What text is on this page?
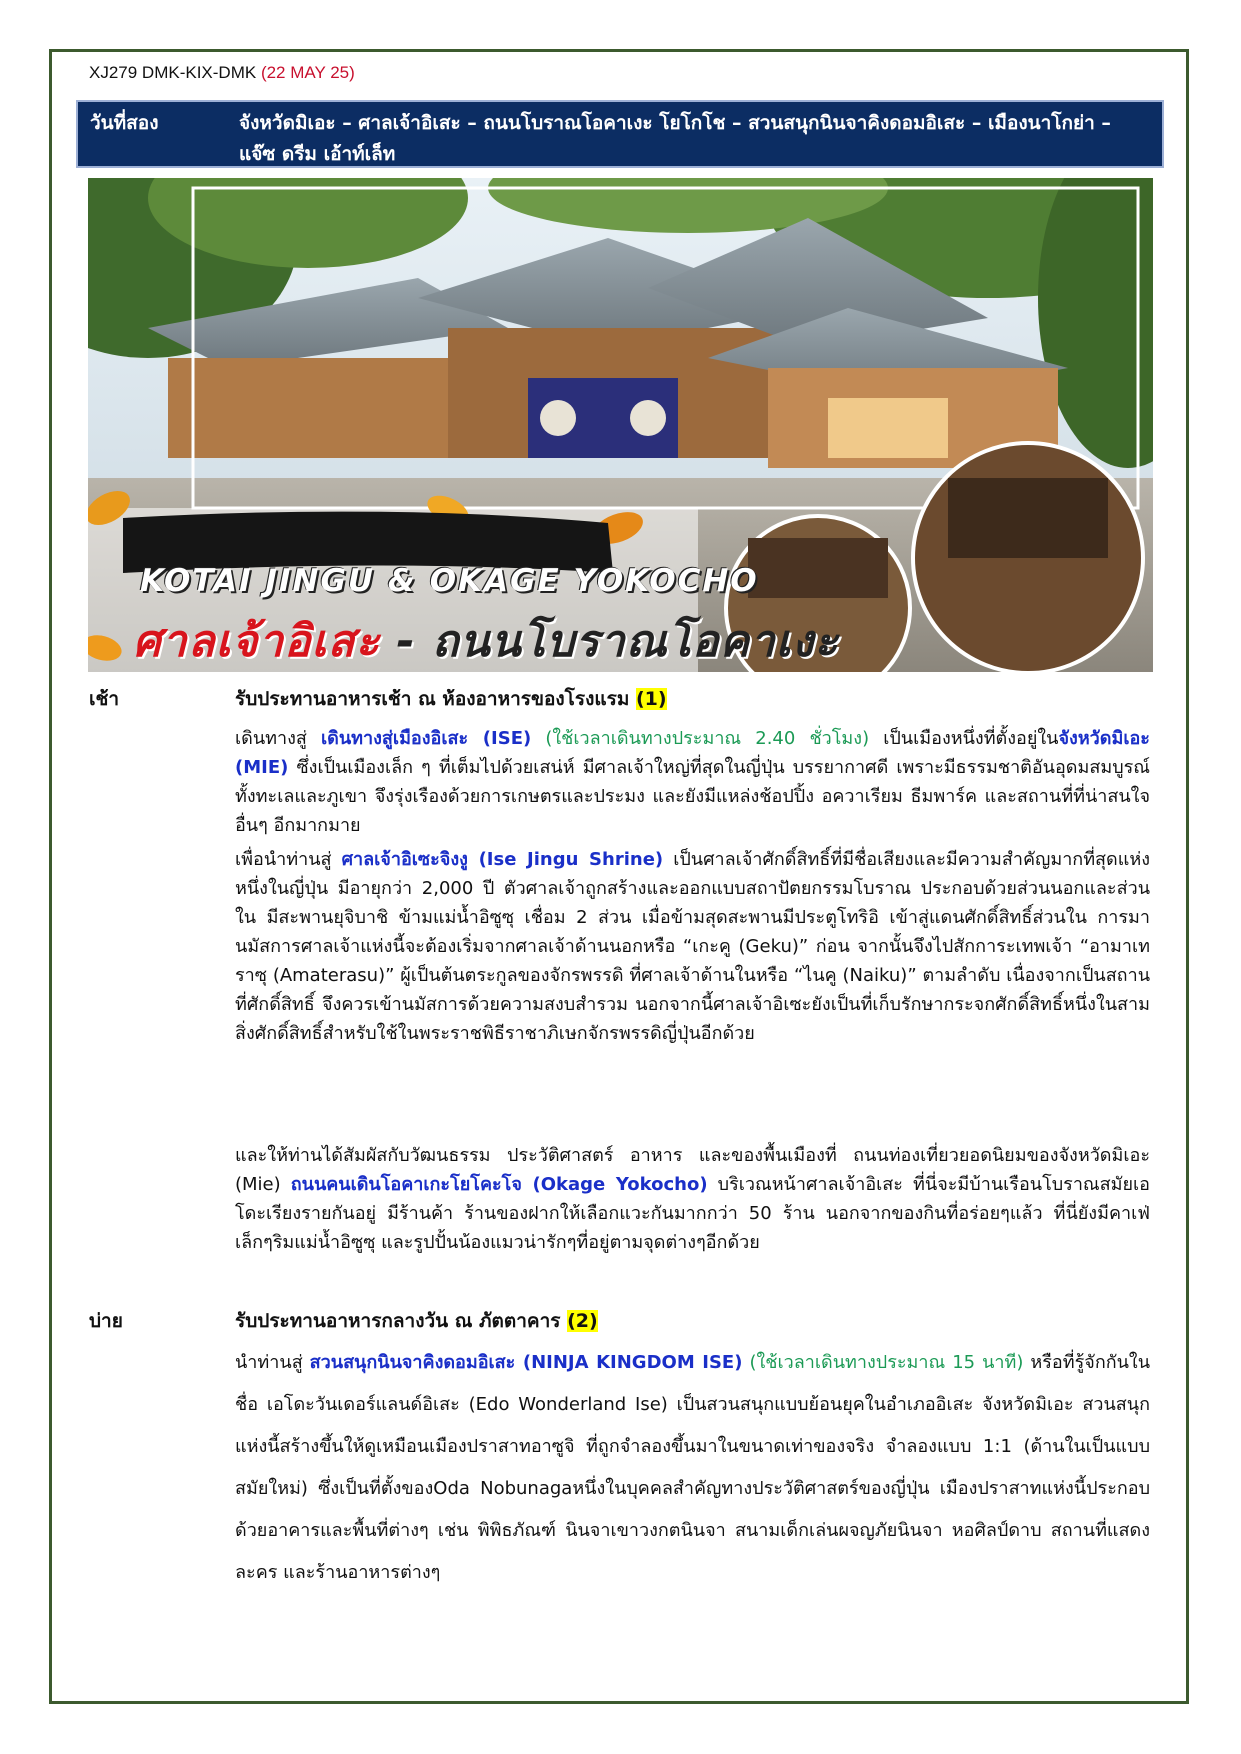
XJ279 DMK-KIX-DMK (22 MAY 25)
วันที่สอง	จังหวัดมิเอะ – ศาลเจ้าอิเสะ – ถนนโบราณโอคาเงะ โยโกโช – สวนสนุกนินจาคิงดอมอิเสะ – เมืองนาโกย่า – แจ๊ซ ดรีม เอ้าท์เล็ท
KOTAI JINGU & OKAGE YOKOCHO
ศาลเจ้าอิเสะ - ถนนโบราณโอคาเงะ
เช้า	รับประทานอาหารเช้า ณ ห้องอาหารของโรงแรม (1)
เดินทางสู่ เดินทางสู่เมืองอิเสะ (ISE) (ใช้เวลาเดินทางประมาณ 2.40 ชั่วโมง) เป็นเมืองหนึ่งที่ตั้งอยู่ในจังหวัดมิเอะ (MIE) ซึ่งเป็นเมืองเล็ก ๆ ที่เต็มไปด้วยเสน่ห์ มีศาลเจ้าใหญ่ที่สุดในญี่ปุ่น บรรยากาศดี เพราะมีธรรมชาติอันอุดมสมบูรณ์ทั้งทะเลและภูเขา จึงรุ่งเรืองด้วยการเกษตรและประมง และยังมีแหล่งช้อปปิ้ง อควาเรียม ธีมพาร์ค และสถานที่ที่น่าสนใจอื่นๆ อีกมากมาย
เพื่อนำท่านสู่ ศาลเจ้าอิเซะจิงงู (Ise Jingu Shrine) เป็นศาลเจ้าศักดิ์สิทธิ์ที่มีชื่อเสียงและมีความสำคัญมากที่สุดแห่งหนึ่งในญี่ปุ่น มีอายุกว่า 2,000 ปี ตัวศาลเจ้าถูกสร้างและออกแบบสถาปัตยกรรมโบราณ ประกอบด้วยส่วนนอกและส่วนใน มีสะพานยุจิบาชิ ข้ามแม่น้ำอิซูซุ เชื่อม 2 ส่วน เมื่อข้ามสุดสะพานมีประตูโทริอิ เข้าสู่แดนศักดิ์สิทธิ์ส่วนใน การมานมัสการศาลเจ้าแห่งนี้จะต้องเริ่มจากศาลเจ้าด้านนอกหรือ “เกะคู (Geku)” ก่อน จากนั้นจึงไปสักการะเทพเจ้า “อามาเทราซุ (Amaterasu)” ผู้เป็นต้นตระกูลของจักรพรรดิ ที่ศาลเจ้าด้านในหรือ “ไนคู (Naiku)” ตามลำดับ เนื่องจากเป็นสถานที่ศักดิ์สิทธิ์ จึงควรเข้านมัสการด้วยความสงบสำรวม นอกจากนี้ศาลเจ้าอิเซะยังเป็นที่เก็บรักษากระจกศักดิ์สิทธิ์หนึ่งในสามสิ่งศักดิ์สิทธิ์สำหรับใช้ในพระราชพิธีราชาภิเษกจักรพรรดิญี่ปุ่นอีกด้วย
และให้ท่านได้สัมผัสกับวัฒนธรรม ประวัติศาสตร์ อาหาร และของพื้นเมืองที่ ถนนท่องเที่ยวยอดนิยมของจังหวัดมิเอะ (Mie) ถนนคนเดินโอคาเกะโยโคะโจ (Okage Yokocho) บริเวณหน้าศาลเจ้าอิเสะ ที่นี่จะมีบ้านเรือนโบราณสมัยเอโดะเรียงรายกันอยู่ มีร้านค้า ร้านของฝากให้เลือกแวะกันมากกว่า 50 ร้าน นอกจากของกินที่อร่อยๆแล้ว ที่นี่ยังมีคาเฟ่เล็กๆริมแม่น้ำอิซูซุ และรูปปั้นน้องแมวน่ารักๆที่อยู่ตามจุดต่างๆอีกด้วย
บ่าย	รับประทานอาหารกลางวัน ณ ภัตตาคาร (2)
นำท่านสู่ สวนสนุกนินจาคิงดอมอิเสะ (NINJA KINGDOM ISE) (ใช้เวลาเดินทางประมาณ 15 นาที) หรือที่รู้จักกันในชื่อ เอโดะวันเดอร์แลนด์อิเสะ (Edo Wonderland Ise) เป็นสวนสนุกแบบย้อนยุคในอำเภออิเสะ จังหวัดมิเอะ สวนสนุกแห่งนี้สร้างขึ้นให้ดูเหมือนเมืองปราสาทอาซูจิ ที่ถูกจำลองขึ้นมาในขนาดเท่าของจริง จำลองแบบ 1:1 (ด้านในเป็นแบบสมัยใหม่) ซึ่งเป็นที่ตั้งของOda Nobunagaหนึ่งในบุคคลสำคัญทางประวัติศาสตร์ของญี่ปุ่น เมืองปราสาทแห่งนี้ประกอบด้วยอาคารและพื้นที่ต่างๆ เช่น พิพิธภัณฑ์ นินจาเขาวงกตนินจา สนามเด็กเล่นผจญภัยนินจา หอศิลป์ดาบ สถานที่แสดงละคร และร้านอาหารต่างๆ
